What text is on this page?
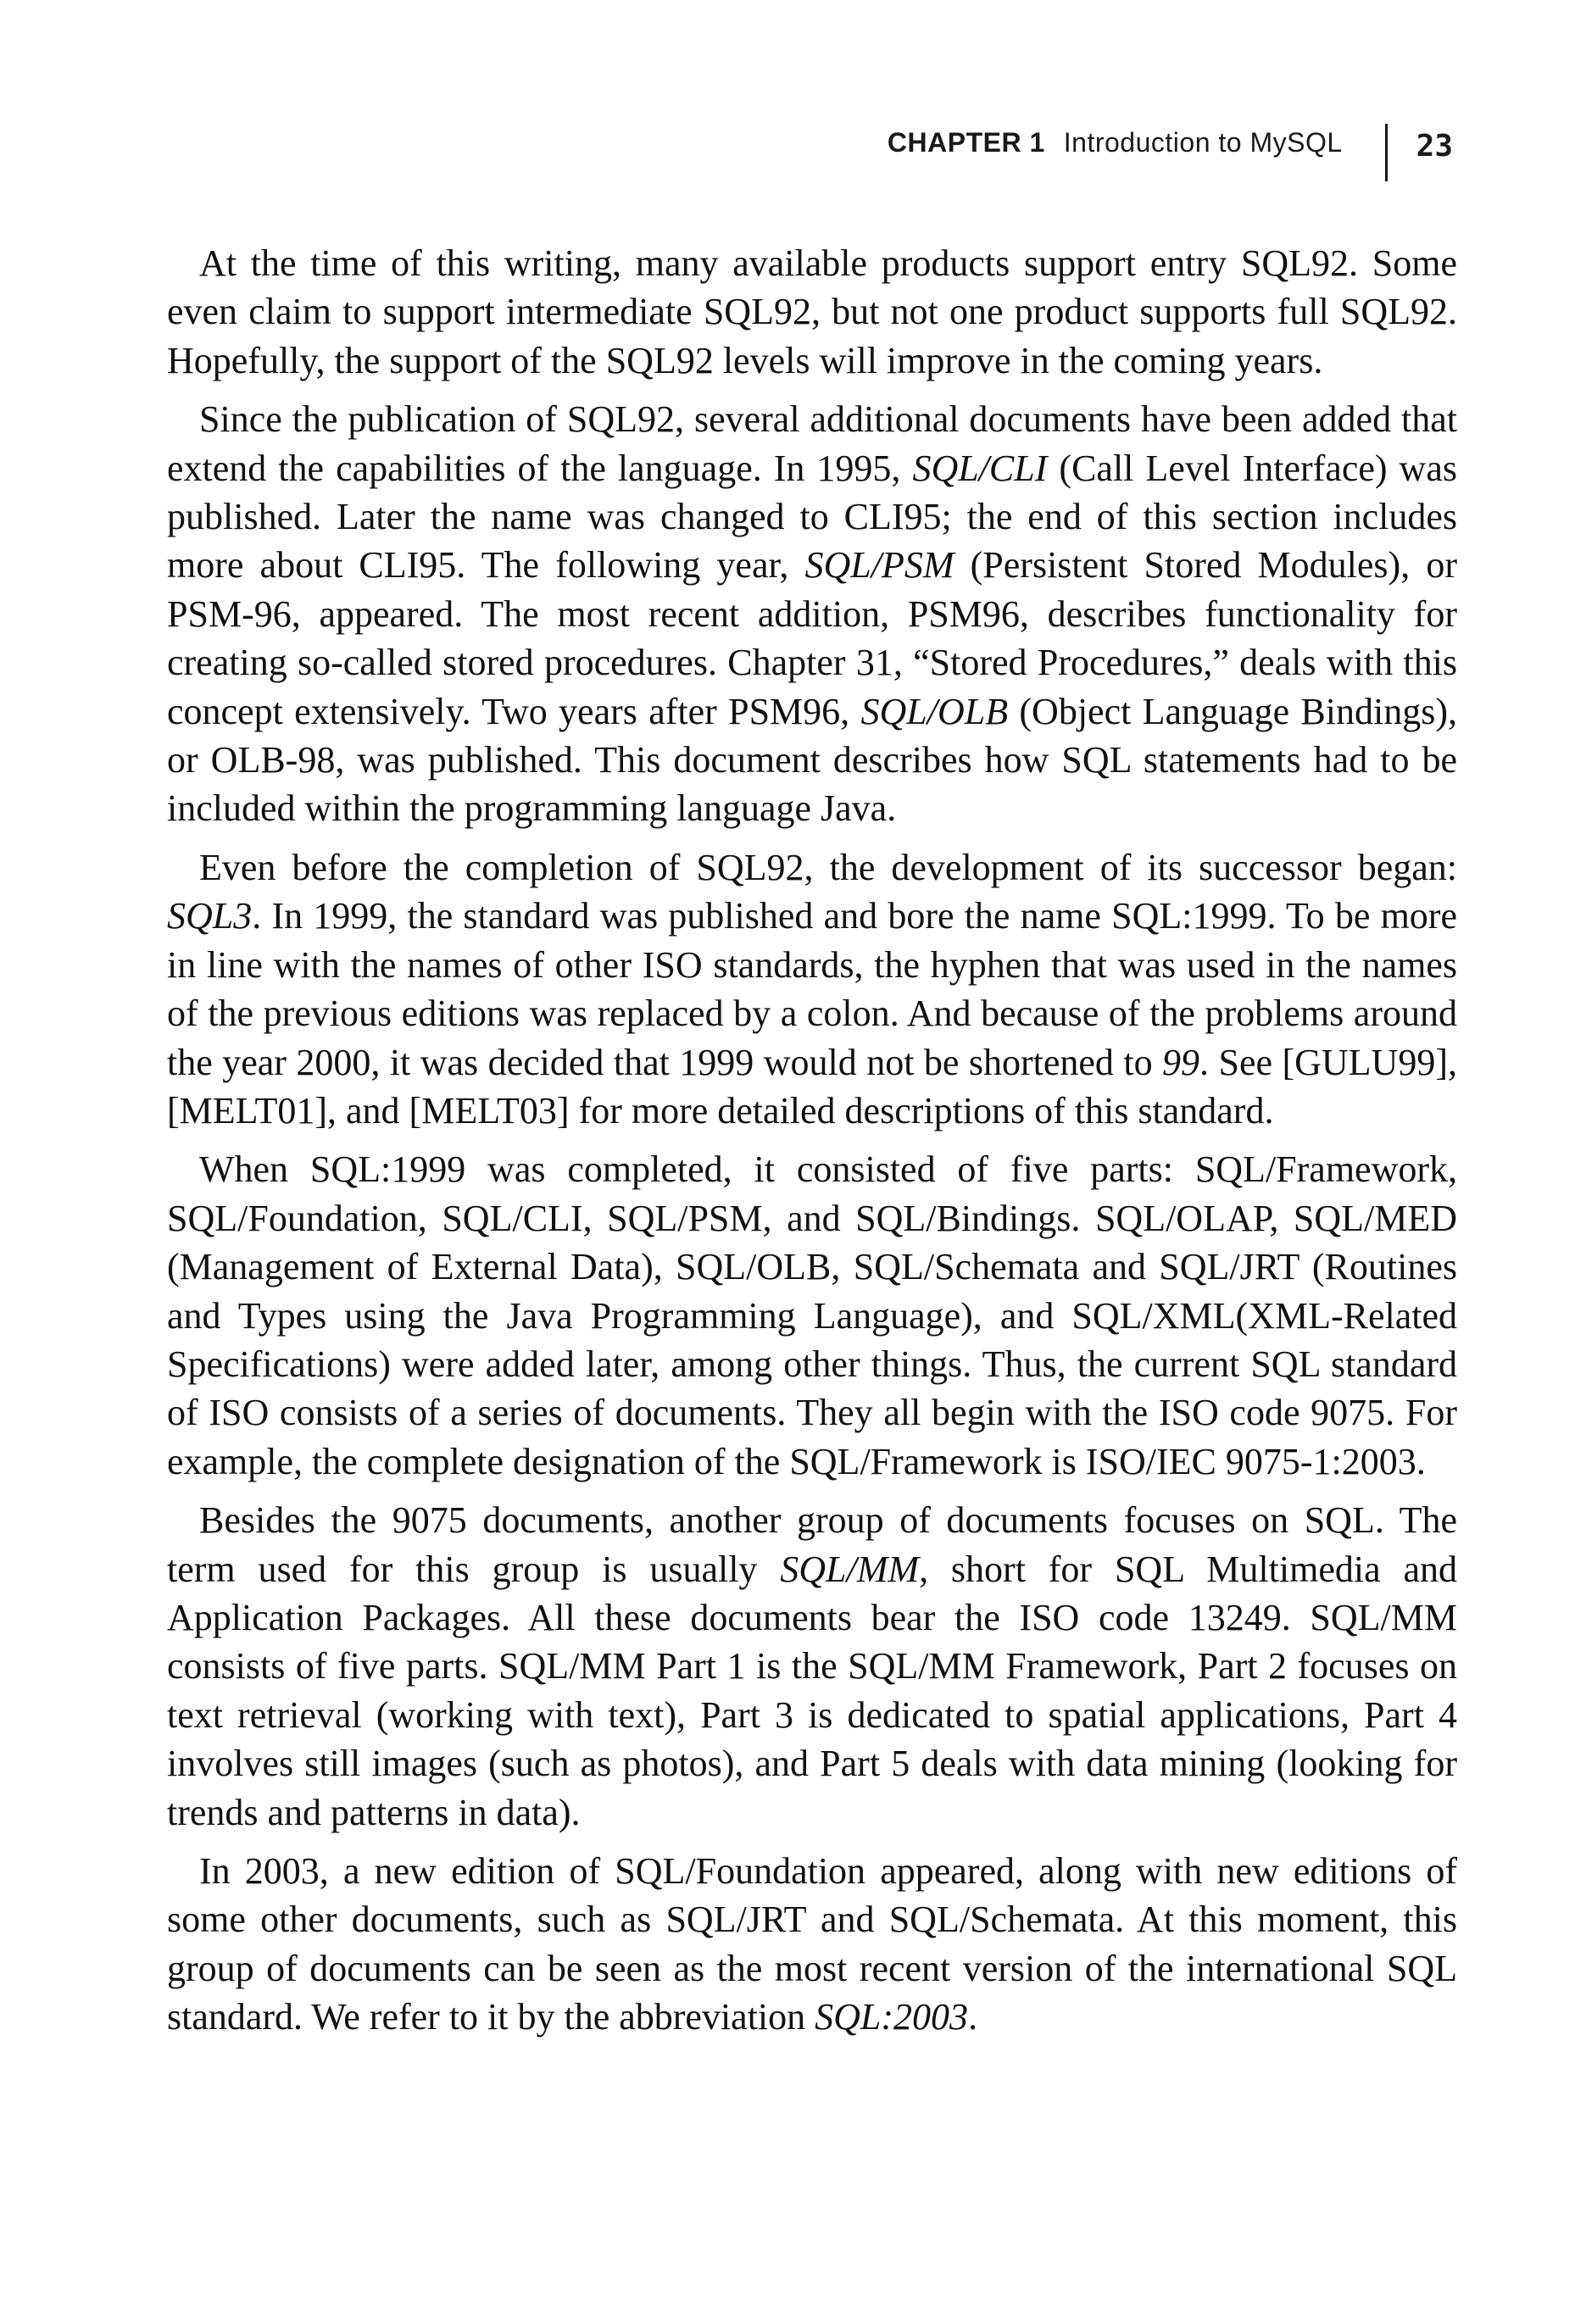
CHAPTER 1 Introduction to MySQL 23

At the time of this writing, many available products support entry SQL92. Some even claim to support intermediate SQL92, but not one product supports full SQL92. Hopefully, the support of the SQL92 levels will improve in the coming years.

Since the publication of SQL92, several additional documents have been added that extend the capabilities of the language. In 1995, SQL/CLI (Call Level Interface) was published. Later the name was changed to CLI95; the end of this section includes more about CLI95. The following year, SQL/PSM (Persistent Stored Modules), or PSM-96, appeared. The most recent addition, PSM96, describes functionality for creating so-called stored procedures. Chapter 31, “Stored Procedures,” deals with this concept extensively. Two years after PSM96, SQL/OLB (Object Language Bindings), or OLB-98, was published. This document describes how SQL statements had to be included within the programming language Java.

Even before the completion of SQL92, the development of its successor began: SQL3. In 1999, the standard was published and bore the name SQL:1999. To be more in line with the names of other ISO standards, the hyphen that was used in the names of the previous editions was replaced by a colon. And because of the problems around the year 2000, it was decided that 1999 would not be shortened to 99. See [GULU99], [MELT01], and [MELT03] for more detailed descriptions of this standard.

When SQL:1999 was completed, it consisted of five parts: SQL/Framework, SQL/Foundation, SQL/CLI, SQL/PSM, and SQL/Bindings. SQL/OLAP, SQL/MED (Management of External Data), SQL/OLB, SQL/Schemata and SQL/JRT (Routines and Types using the Java Programming Language), and SQL/XML(XML-Related Specifications) were added later, among other things. Thus, the current SQL standard of ISO consists of a series of documents. They all begin with the ISO code 9075. For example, the complete designation of the SQL/Framework is ISO/IEC 9075-1:2003.

Besides the 9075 documents, another group of documents focuses on SQL. The term used for this group is usually SQL/MM, short for SQL Multimedia and Application Packages. All these documents bear the ISO code 13249. SQL/MM consists of five parts. SQL/MM Part 1 is the SQL/MM Framework, Part 2 focuses on text retrieval (working with text), Part 3 is dedicated to spatial applications, Part 4 involves still images (such as photos), and Part 5 deals with data mining (looking for trends and patterns in data).

In 2003, a new edition of SQL/Foundation appeared, along with new editions of some other documents, such as SQL/JRT and SQL/Schemata. At this moment, this group of documents can be seen as the most recent version of the international SQL standard. We refer to it by the abbreviation SQL:2003.
